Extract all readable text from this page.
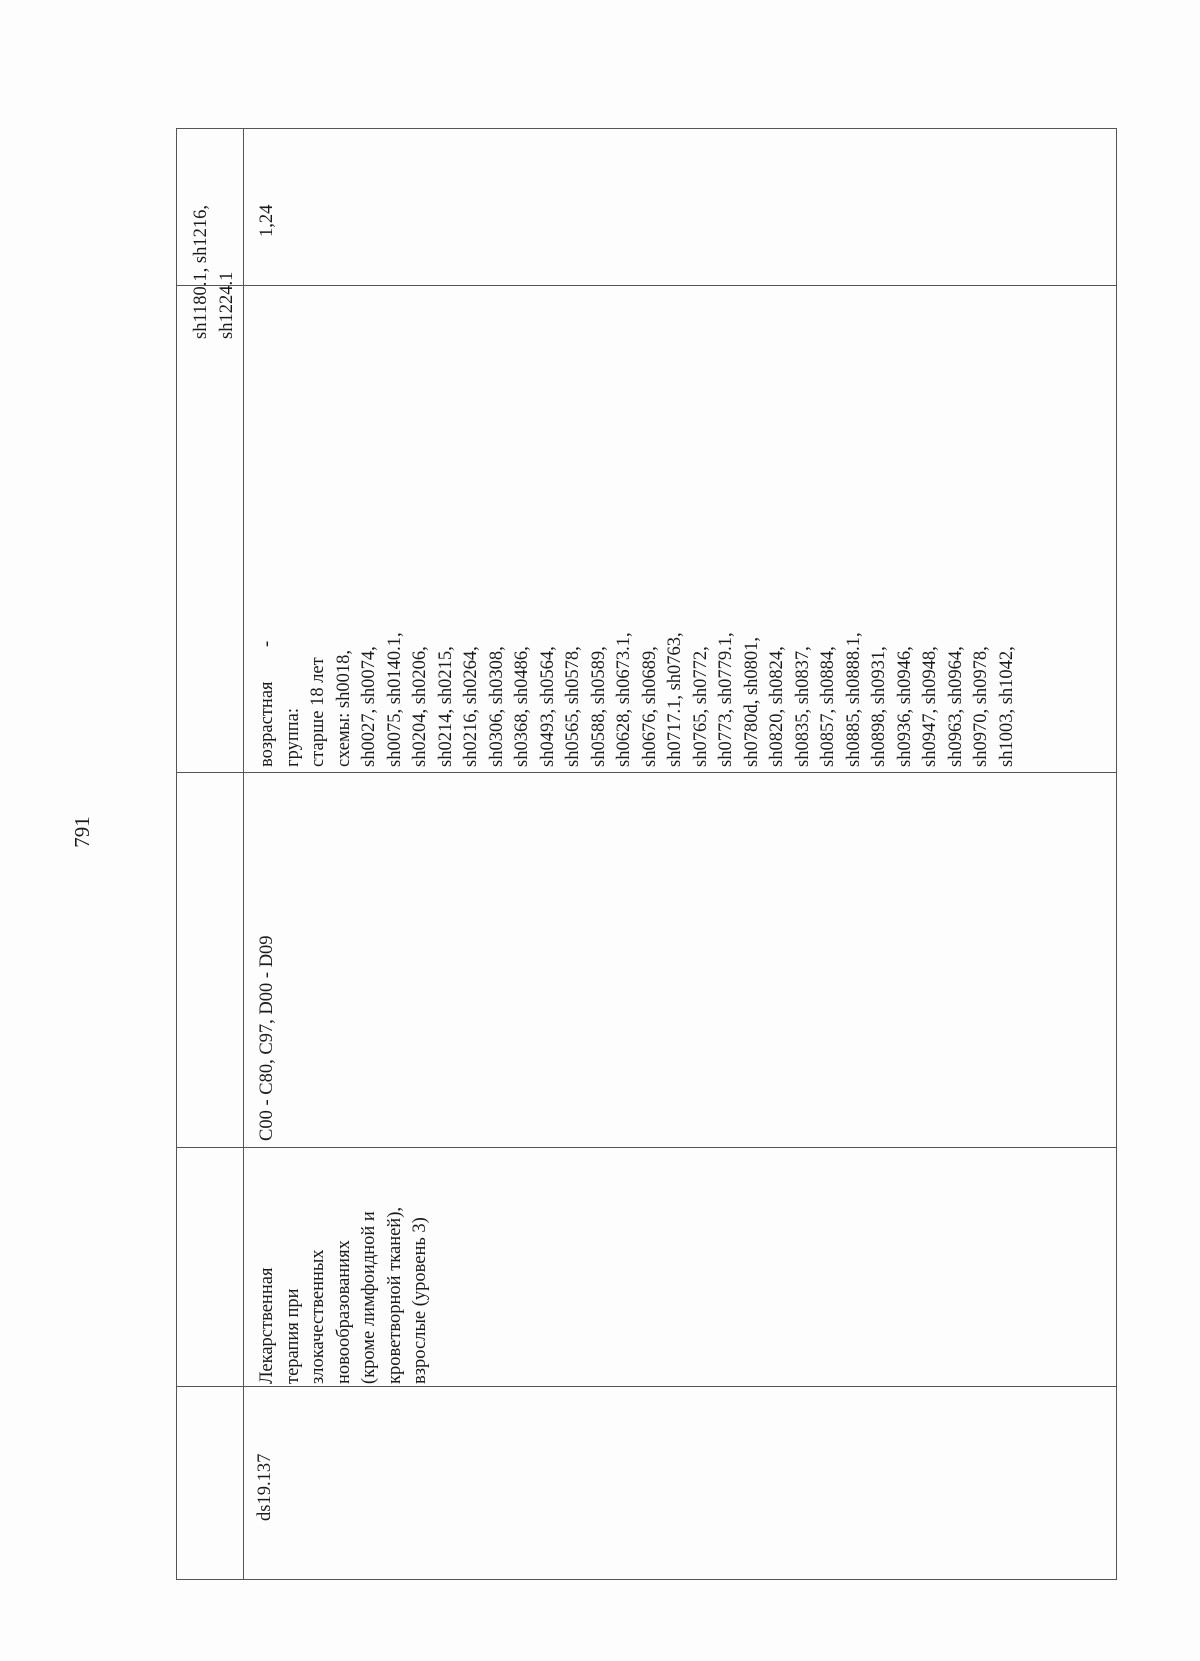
791
sh1180.1, sh1216, sh1224.1
ds19.137
Лекарственная терапия при злокачественных новообразованиях (кроме лимфоидной и кроветворной тканей), взрослые (уровень 3)
C00 - C80, C97, D00 - D09
-
возрастная группа: старше 18 лет схемы: sh0018, sh0027, sh0074, sh0075, sh0140.1, sh0204, sh0206, sh0214, sh0215, sh0216, sh0264, sh0306, sh0308, sh0368, sh0486, sh0493, sh0564, sh0565, sh0578, sh0588, sh0589, sh0628, sh0673.1, sh0676, sh0689, sh0717.1, sh0763, sh0765, sh0772, sh0773, sh0779.1, sh0780d, sh0801, sh0820, sh0824, sh0835, sh0837, sh0857, sh0884, sh0885, sh0888.1, sh0898, sh0931, sh0936, sh0946, sh0947, sh0948, sh0963, sh0964, sh0970, sh0978, sh1003, sh1042,
1,24
